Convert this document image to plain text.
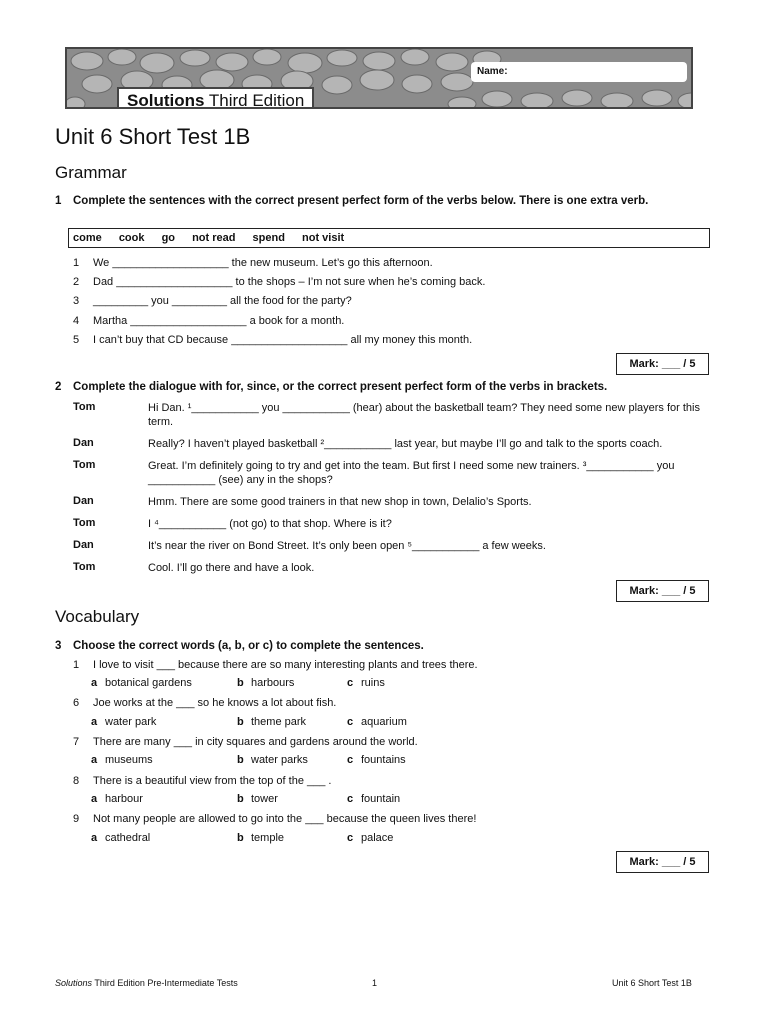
Name:
Solutions Third Edition
Unit 6 Short Test 1B
Grammar
1 Complete the sentences with the correct present perfect form of the verbs below. There is one extra verb.
come cook go not read spend not visit
1	We ___________________ the new museum. Let’s go this afternoon.
2	Dad ___________________ to the shops – I’m not sure when he’s coming back.
3	_________ you _________ all the food for the party?
4	Martha ___________________ a book for a month.
5	I can’t buy that CD because ___________________ all my money this month.
Mark: ___ / 5
2 Complete the dialogue with for, since, or the correct present perfect form of the verbs in brackets.
Tom	Hi Dan. ¹___________ you ___________ (hear) about the basketball team? They need some new players for this term.
Dan	Really? I haven’t played basketball ²___________ last year, but maybe I’ll go and talk to the sports coach.
Tom	Great. I’m definitely going to try and get into the team. But first I need some new trainers. ³___________ you ___________ (see) any in the shops?
Dan	Hmm. There are some good trainers in that new shop in town, Delalio’s Sports.
Tom	I ⁴___________ (not go) to that shop. Where is it?
Dan	It’s near the river on Bond Street. It’s only been open ⁵___________ a few weeks.
Tom	Cool. I’ll go there and have a look.
Mark: ___ / 5
Vocabulary
3 Choose the correct words (a, b, or c) to complete the sentences.
1	I love to visit ___ because there are so many interesting plants and trees there.
a botanical gardens	b harbours	c ruins
6	Joe works at the ___ so he knows a lot about fish.
a water park	b theme park	c aquarium
7	There are many ___ in city squares and gardens around the world.
a museums	b water parks	c fountains
8	There is a beautiful view from the top of the ___ .
a harbour	b tower	c fountain
9	Not many people are allowed to go into the ___ because the queen lives there!
a cathedral	b temple	c palace
Mark: ___ / 5
Solutions Third Edition Pre-Intermediate Tests	1	Unit 6 Short Test 1B
